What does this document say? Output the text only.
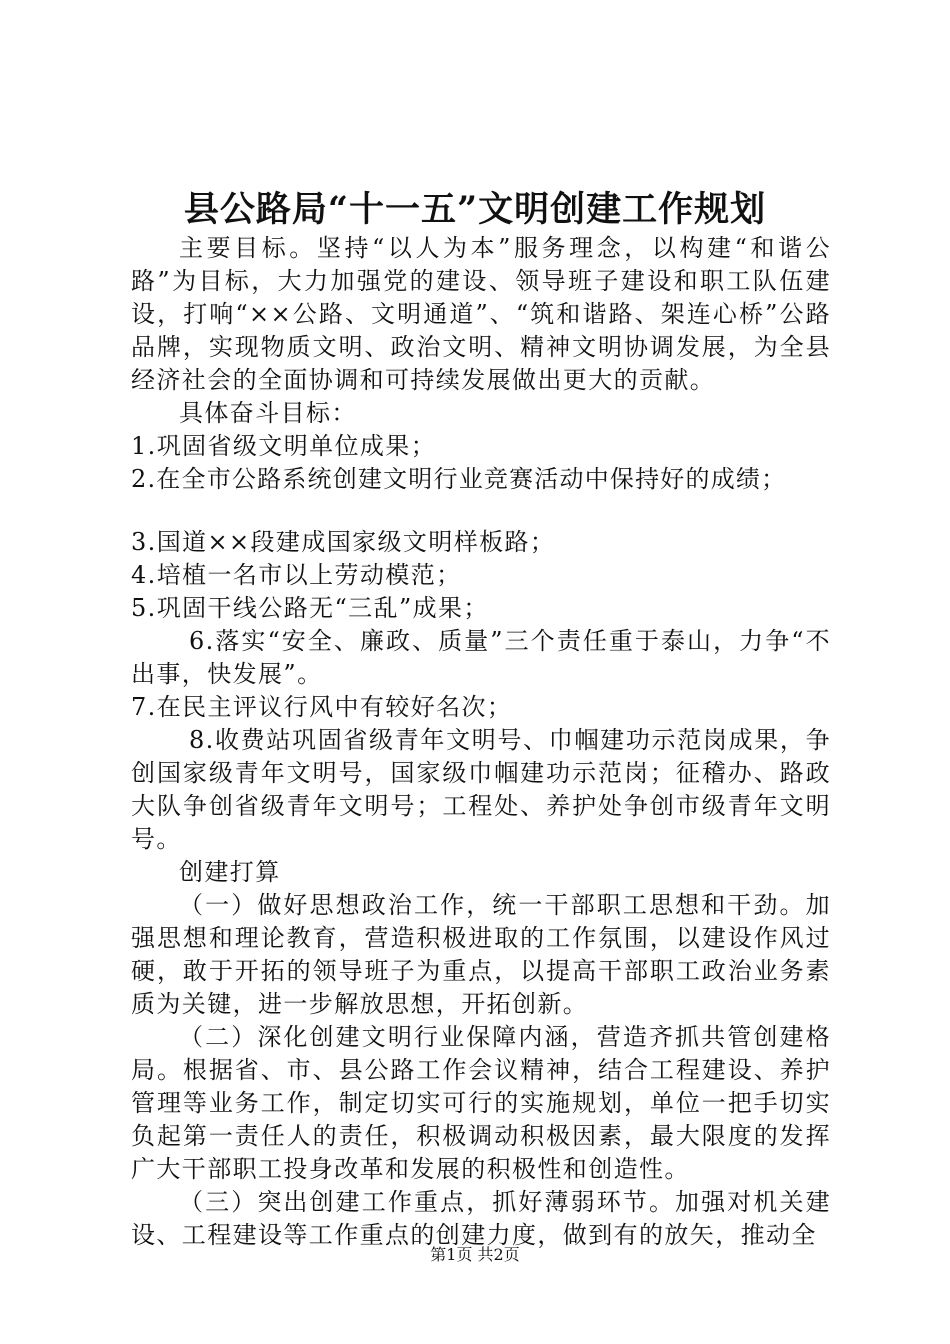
县公路局“十一五”文明创建工作规划

主要目标。坚持“以人为本”服务理念，以构建“和谐公路”为目标，大力加强党的建设、领导班子建设和职工队伍建设，打响“××公路、文明通道”、“筑和谐路、架连心桥”公路品牌，实现物质文明、政治文明、精神文明协调发展，为全县经济社会的全面协调和可持续发展做出更大的贡献。

具体奋斗目标：

1.巩固省级文明单位成果；

2.在全市公路系统创建文明行业竞赛活动中保持好的成绩；

3.国道××段建成国家级文明样板路；

4.培植一名市以上劳动模范；

5.巩固干线公路无“三乱”成果；

6.落实“安全、廉政、质量”三个责任重于泰山，力争“不出事，快发展”。

7.在民主评议行风中有较好名次；

8.收费站巩固省级青年文明号、巾帼建功示范岗成果，争创国家级青年文明号，国家级巾帼建功示范岗；征稽办、路政大队争创省级青年文明号；工程处、养护处争创市级青年文明号。

创建打算

（一）做好思想政治工作，统一干部职工思想和干劲。加强思想和理论教育，营造积极进取的工作氛围，以建设作风过硬，敢于开拓的领导班子为重点，以提高干部职工政治业务素质为关键，进一步解放思想，开拓创新。

（二）深化创建文明行业保障内涵，营造齐抓共管创建格局。根据省、市、县公路工作会议精神，结合工程建设、养护管理等业务工作，制定切实可行的实施规划，单位一把手切实负起第一责任人的责任，积极调动积极因素，最大限度的发挥广大干部职工投身改革和发展的积极性和创造性。

（三）突出创建工作重点，抓好薄弱环节。加强对机关建设、工程建设等工作重点的创建力度，做到有的放矢，推动全

第1页 共2页
